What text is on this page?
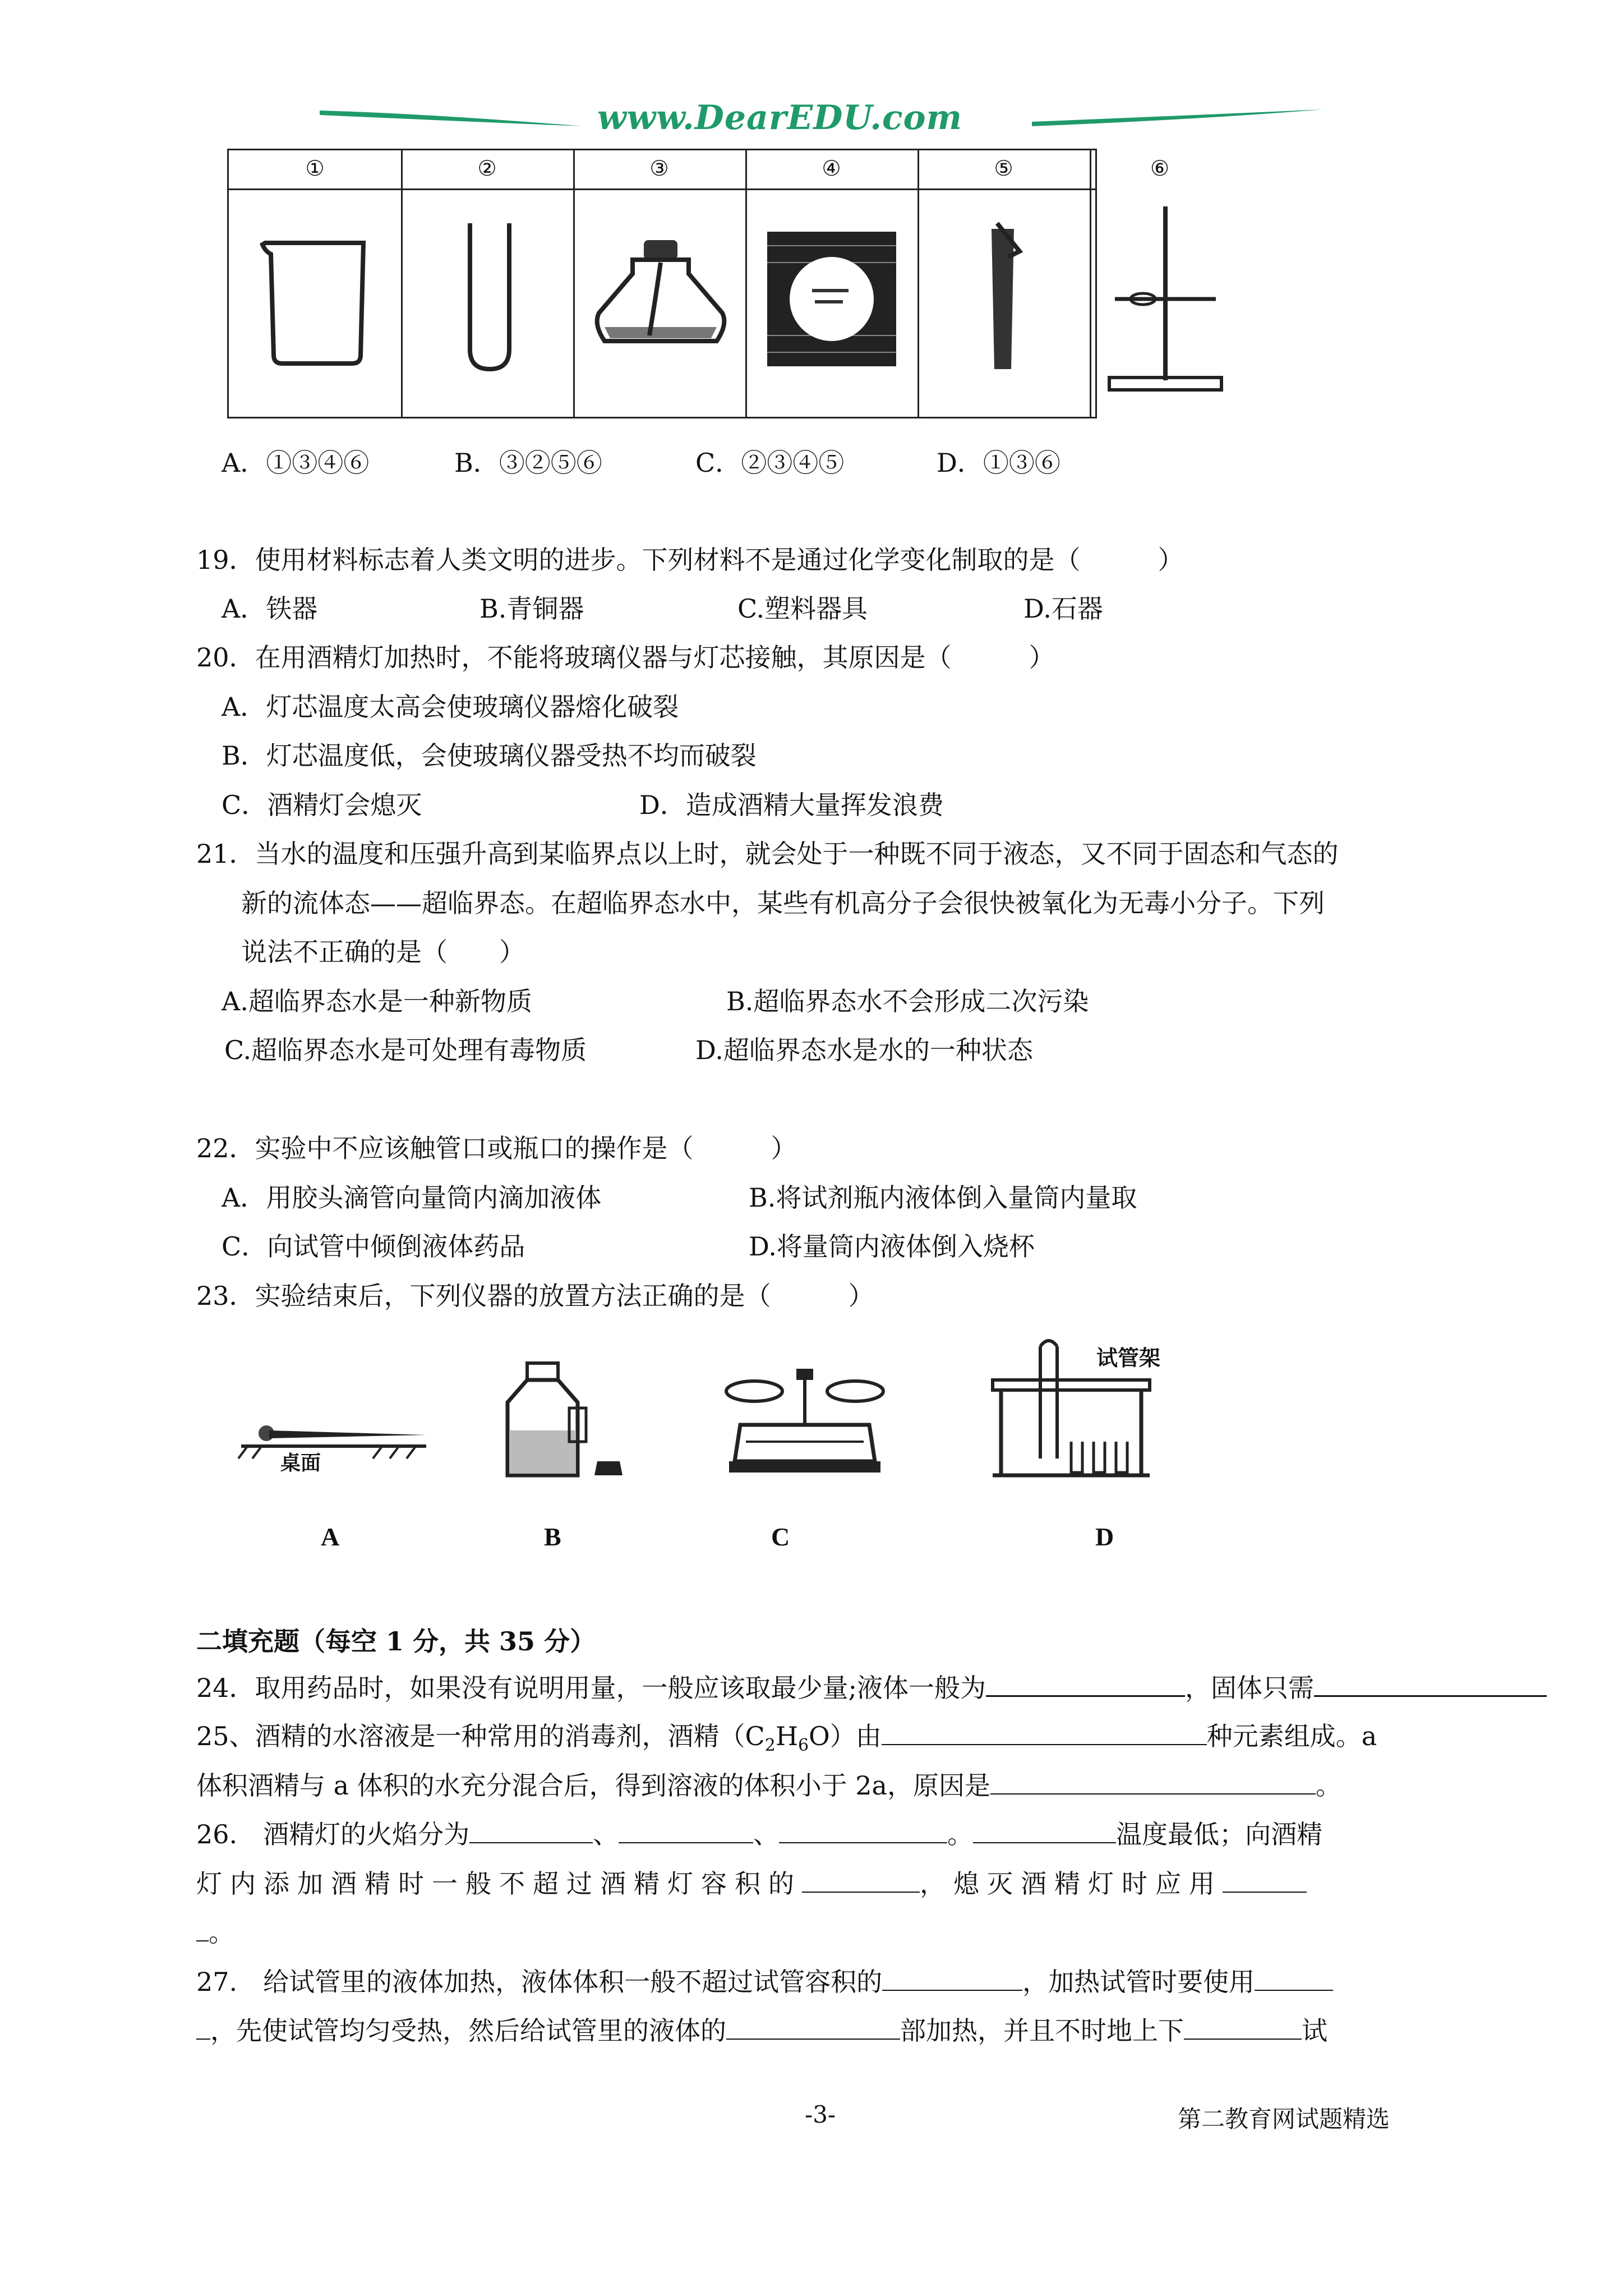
www.DearEDU.com
①	②	③	④	⑤	⑥
A．①③④⑥	B．③②⑤⑥	C．②③④⑤	D．①③⑥
19．使用材料标志着人类文明的进步。下列材料不是通过化学变化制取的是（　　　）
A．铁器	B.青铜器	C.塑料器具	D.石器
20．在用酒精灯加热时，不能将玻璃仪器与灯芯接触，其原因是（　　　）
A．灯芯温度太高会使玻璃仪器熔化破裂
B．灯芯温度低，会使玻璃仪器受热不均而破裂
C．酒精灯会熄灭	D．造成酒精大量挥发浪费
21．当水的温度和压强升高到某临界点以上时，就会处于一种既不同于液态，又不同于固态和气态的
新的流体态——超临界态。在超临界态水中，某些有机高分子会很快被氧化为无毒小分子。下列
说法不正确的是（　　）
A.超临界态水是一种新物质	B.超临界态水不会形成二次污染
C.超临界态水是可处理有毒物质	D.超临界态水是水的一种状态
22．实验中不应该触管口或瓶口的操作是（　　　）
A．用胶头滴管向量筒内滴加液体	B.将试剂瓶内液体倒入量筒内量取
C．向试管中倾倒液体药品	D.将量筒内液体倒入烧杯
23．实验结束后，下列仪器的放置方法正确的是（　　　）
桌面
试管架
A	B	C	D
二填充题（每空 1 分，共 35 分）
24．取用药品时，如果没有说明用量，一般应该取最少量;液体一般为	，固体只需
25、酒精的水溶液是一种常用的消毒剂，酒精$(C_2H_6O)$由	种元素组成。a
体积酒精与 a 体积的水充分混合后，得到溶液的体积小于 2a，原因是	。
26.　酒精灯的火焰分为	、	、	。	温度最低；向酒精
灯内添加酒精时一般不超过酒精灯容积的	，熄灭酒精灯时应用
。
27.　给试管里的液体加热，液体体积一般不超过试管容积的	，加热试管时要使用
，先使试管均匀受热，然后给试管里的液体的	部加热，并且不时地上下	试
-3-	第二教育网试题精选
